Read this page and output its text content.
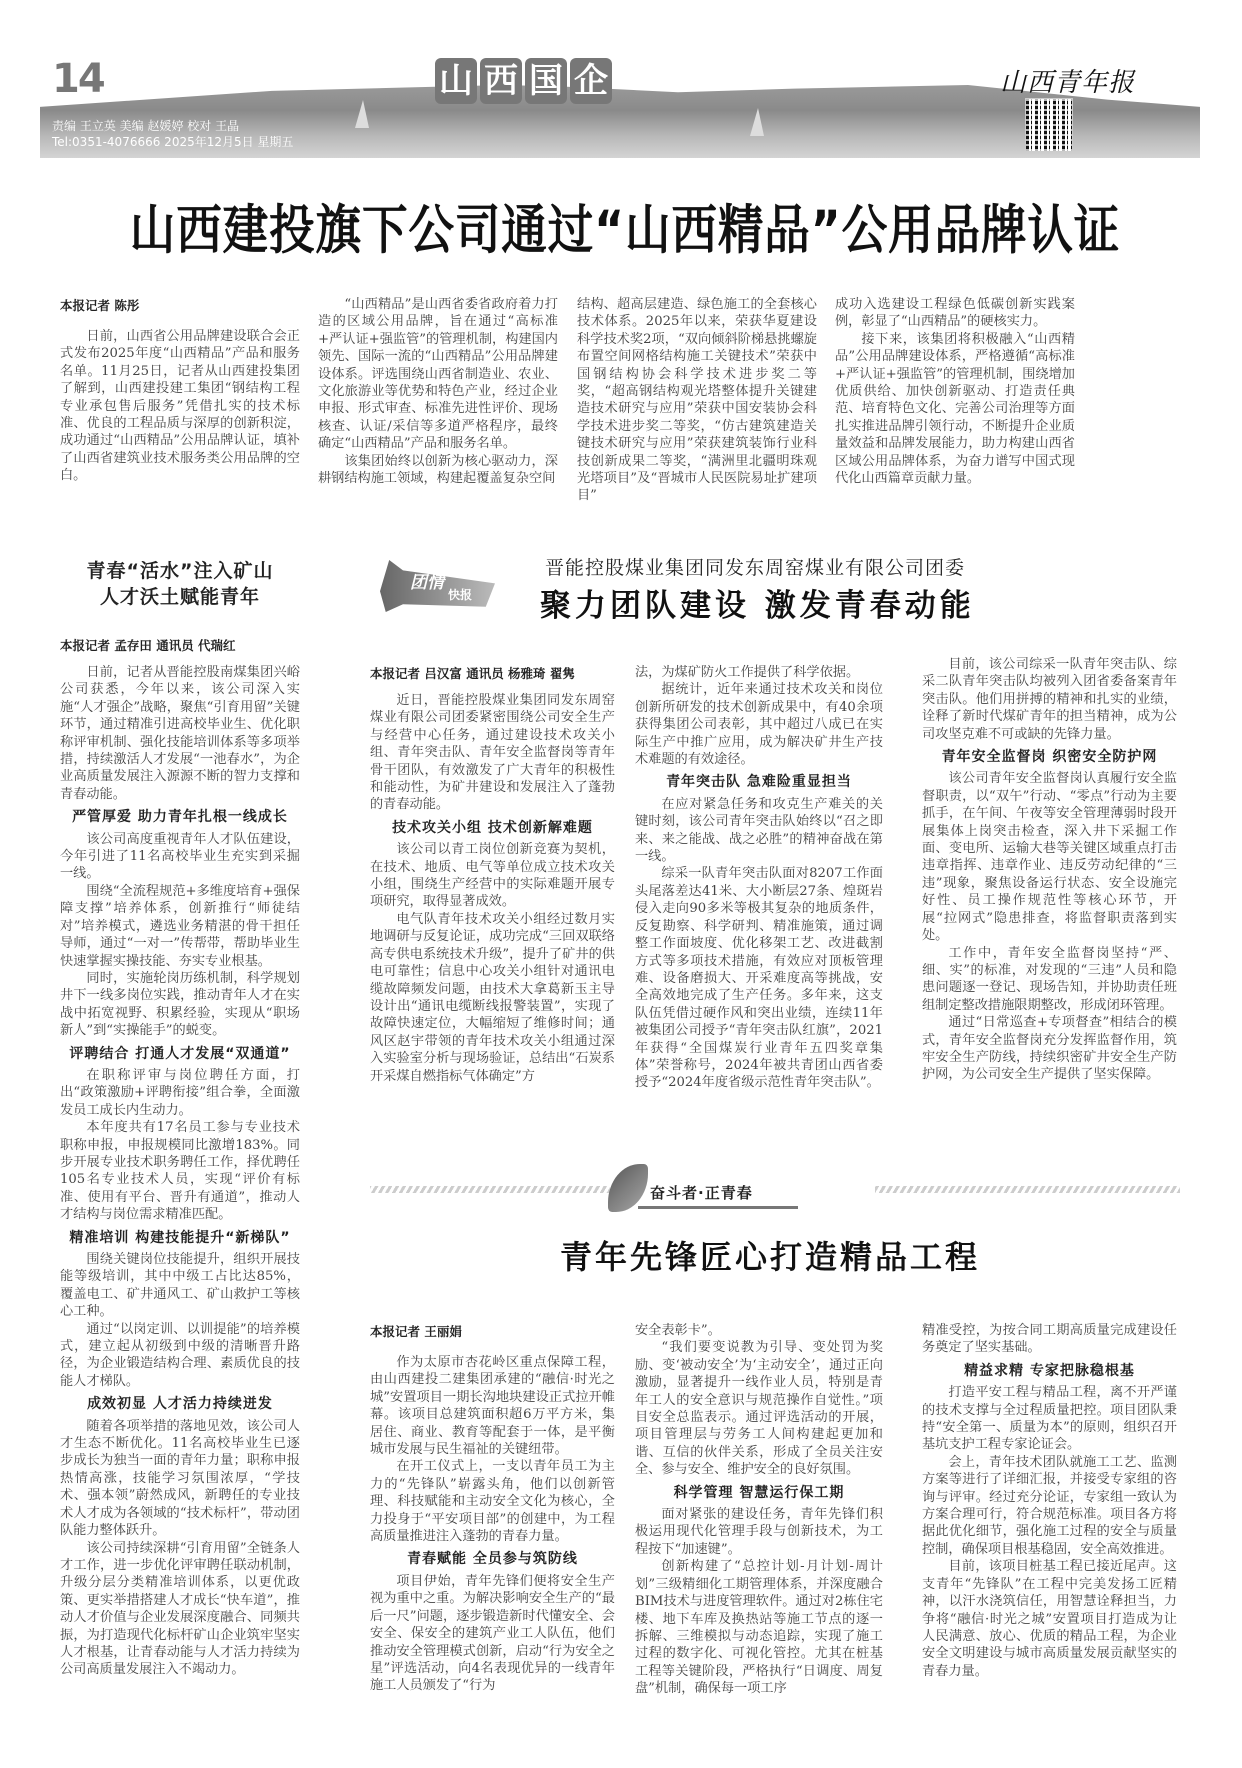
14	山 西 国 企
责编 王立英 美编 赵媛婷 校对 王晶
Tel:0351-4076666 2025年12月5日 星期五
山西青年报
山西建投旗下公司通过“山西精品”公用品牌认证
本报记者 陈彤

日前，山西省公用品牌建设联合会正式发布2025年度“山西精品”产品和服务名单。11月25日，记者从山西建投集团了解到，山西建投建工集团“钢结构工程专业承包售后服务”凭借扎实的技术标准、优良的工程品质与深厚的创新积淀，成功通过“山西精品”公用品牌认证，填补了山西省建筑业技术服务类公用品牌的空白。

“山西精品”是山西省委省政府着力打造的区域公用品牌，旨在通过“高标准+严认证+强监管”的管理机制，构建国内领先、国际一流的“山西精品”公用品牌建设体系。评选围绕山西省制造业、农业、文化旅游业等优势和特色产业，经过企业申报、形式审查、标准先进性评价、现场核查、认证/采信等多道严格程序，最终确定“山西精品”产品和服务名单。

该集团始终以创新为核心驱动力，深耕钢结构施工领域，构建起覆盖复杂空间

结构、超高层建造、绿色施工的全套核心技术体系。2025年以来，荣获华夏建设科学技术奖2项，“双向倾斜阶梯悬挑螺旋布置空间网格结构施工关键技术”荣获中国钢结构协会科学技术进步奖二等奖，“超高钢结构观光塔整体提升关键建造技术研究与应用”荣获中国安装协会科学技术进步奖二等奖，“仿古建筑建造关键技术研究与应用”荣获建筑装饰行业科技创新成果二等奖，“满洲里北疆明珠观光塔项目”及“晋城市人民医院易址扩建项目”

成功入选建设工程绿色低碳创新实践案例，彰显了“山西精品”的硬核实力。

接下来，该集团将积极融入“山西精品”公用品牌建设体系，严格遵循“高标准+严认证+强监管”的管理机制，围绕增加优质供给、加快创新驱动、打造责任典范、培育特色文化、完善公司治理等方面扎实推进品牌引领行动，不断提升企业质量效益和品牌发展能力，助力构建山西省区域公用品牌体系，为奋力谱写中国式现代化山西篇章贡献力量。

青春“活水”注入矿山
人才沃土赋能青年
本报记者 孟存田 通讯员 代瑞红

日前，记者从晋能控股南煤集团兴峪公司获悉，今年以来，该公司深入实施“人才强企”战略，聚焦“引育用留”关键环节，通过精准引进高校毕业生、优化职称评审机制、强化技能培训体系等多项举措，持续激活人才发展“一池春水”，为企业高质量发展注入源源不断的智力支撑和青春动能。

严管厚爱 助力青年扎根一线成长

该公司高度重视青年人才队伍建设，今年引进了11名高校毕业生充实到采掘一线。

围绕“全流程规范+多维度培育+强保障支撑”培养体系，创新推行“师徒结对”培养模式，遴选业务精湛的骨干担任导师，通过“一对一”传帮带，帮助毕业生快速掌握实操技能、夯实专业根基。

同时，实施轮岗历练机制，科学规划井下一线多岗位实践，推动青年人才在实战中拓宽视野、积累经验，实现从“职场新人”到“实操能手”的蜕变。

评聘结合 打通人才发展“双通道”

在职称评审与岗位聘任方面，打出“政策激励+评聘衔接”组合拳，全面激发员工成长内生动力。

本年度共有17名员工参与专业技术职称申报，申报规模同比激增183%。同步开展专业技术职务聘任工作，择优聘任105名专业技术人员，实现“评价有标准、使用有平台、晋升有通道”，推动人才结构与岗位需求精准匹配。

精准培训 构建技能提升“新梯队”

围绕关键岗位技能提升，组织开展技能等级培训，其中中级工占比达85%，覆盖电工、矿井通风工、矿山救护工等核心工种。

通过“以岗定训、以训提能”的培养模式，建立起从初级到中级的清晰晋升路径，为企业锻造结构合理、素质优良的技能人才梯队。

成效初显 人才活力持续迸发

随着各项举措的落地见效，该公司人才生态不断优化。11名高校毕业生已逐步成长为独当一面的青年力量；职称申报热情高涨，技能学习氛围浓厚，“学技术、强本领”蔚然成风，新聘任的专业技术人才成为各领域的“技术标杆”，带动团队能力整体跃升。

该公司持续深耕“引育用留”全链条人才工作，进一步优化评审聘任联动机制，升级分层分类精准培训体系，以更优政策、更实举措搭建人才成长“快车道”，推动人才价值与企业发展深度融合、同频共振，为打造现代化标杆矿山企业筑牢坚实人才根基，让青春动能与人才活力持续为公司高质量发展注入不竭动力。

团情
快报
晋能控股煤业集团同发东周窑煤业有限公司团委
聚力团队建设 激发青春动能
本报记者 吕汉富 通讯员 杨雅琦 翟隽

近日，晋能控股煤业集团同发东周窑煤业有限公司团委紧密围绕公司安全生产与经营中心任务，通过建设技术攻关小组、青年突击队、青年安全监督岗等青年骨干团队，有效激发了广大青年的积极性和能动性，为矿井建设和发展注入了蓬勃的青春动能。

技术攻关小组 技术创新解难题

该公司以青工岗位创新竞赛为契机，在技术、地质、电气等单位成立技术攻关小组，围绕生产经营中的实际难题开展专项研究，取得显著成效。

电气队青年技术攻关小组经过数月实地调研与反复论证，成功完成“三回双联络高专供电系统技术升级”，提升了矿井的供电可靠性；信息中心攻关小组针对通讯电缆故障频发问题，由技术大拿葛新玉主导设计出“通讯电缆断线报警装置”，实现了故障快速定位，大幅缩短了维修时间；通风区赵宇带领的青年技术攻关小组通过深入实验室分析与现场验证，总结出“石炭系开采煤自燃指标气体确定”方

法，为煤矿防火工作提供了科学依据。

据统计，近年来通过技术攻关和岗位创新所研发的技术创新成果中，有40余项获得集团公司表彰，其中超过八成已在实际生产中推广应用，成为解决矿井生产技术难题的有效途径。

青年突击队 急难险重显担当

在应对紧急任务和攻克生产难关的关键时刻，该公司青年突击队始终以“召之即来、来之能战、战之必胜”的精神奋战在第一线。

综采一队青年突击队面对8207工作面头尾落差达41米、大小断层27条、煌斑岩侵入走向90多米等极其复杂的地质条件，反复勘察、科学研判、精准施策，通过调整工作面坡度、优化移架工艺、改进截割方式等多项技术措施，有效应对顶板管理难、设备磨损大、开采难度高等挑战，安全高效地完成了生产任务。多年来，这支队伍凭借过硬作风和突出业绩，连续11年被集团公司授予“青年突击队红旗”，2021年获得“全国煤炭行业青年五四奖章集体”荣誉称号，2024年被共青团山西省委授予“2024年度省级示范性青年突击队”。

目前，该公司综采一队青年突击队、综采二队青年突击队均被列入团省委备案青年突击队。他们用拼搏的精神和扎实的业绩，诠释了新时代煤矿青年的担当精神，成为公司攻坚克难不可或缺的先锋力量。

青年安全监督岗 织密安全防护网

该公司青年安全监督岗认真履行安全监督职责，以“双午”行动、“零点”行动为主要抓手，在午间、午夜等安全管理薄弱时段开展集体上岗突击检查，深入井下采掘工作面、变电所、运输大巷等关键区域重点打击违章指挥、违章作业、违反劳动纪律的“三违”现象，聚焦设备运行状态、安全设施完好性、员工操作规范性等核心环节，开展“拉网式”隐患排查，将监督职责落到实处。

工作中，青年安全监督岗坚持“严、细、实”的标准，对发现的“三违”人员和隐患问题逐一登记、现场告知，并协助责任班组制定整改措施限期整改，形成闭环管理。

通过“日常巡查+专项督查”相结合的模式，青年安全监督岗充分发挥监督作用，筑牢安全生产防线，持续织密矿井安全生产防护网，为公司安全生产提供了坚实保障。

奋斗者·正青春
青年先锋匠心打造精品工程
本报记者 王丽娟

作为太原市杏花岭区重点保障工程，由山西建投二建集团承建的“融信·时光之城”安置项目一期长沟地块建设正式拉开帷幕。该项目总建筑面积超6万平方米，集居住、商业、教育等配套于一体，是平衡城市发展与民生福祉的关键纽带。

在开工仪式上，一支以青年员工为主力的“先锋队”崭露头角，他们以创新管理、科技赋能和主动安全文化为核心，全力投身于“平安项目部”的创建中，为工程高质量推进注入蓬勃的青春力量。

青春赋能 全员参与筑防线

项目伊始，青年先锋们便将安全生产视为重中之重。为解决影响安全生产的“最后一尺”问题，逐步锻造新时代懂安全、会安全、保安全的建筑产业工人队伍，他们推动安全管理模式创新，启动“行为安全之星”评选活动，向4名表现优异的一线青年施工人员颁发了“行为

安全表彰卡”。

“我们要变说教为引导、变处罚为奖励、变‘被动安全’为‘主动安全’，通过正向激励，显著提升一线作业人员，特别是青年工人的安全意识与规范操作自觉性。”项目安全总监表示。通过评选活动的开展，项目管理层与劳务工人间构建起更加和谐、互信的伙伴关系，形成了全员关注安全、参与安全、维护安全的良好氛围。

科学管理 智慧运行保工期

面对紧张的建设任务，青年先锋们积极运用现代化管理手段与创新技术，为工程按下“加速键”。

创新构建了“总控计划-月计划-周计划”三级精细化工期管理体系，并深度融合BIM技术与进度管理软件。通过对2栋住宅楼、地下车库及换热站等施工节点的逐一拆解、三维模拟与动态追踪，实现了施工过程的数字化、可视化管控。尤其在桩基工程等关键阶段，严格执行“日调度、周复盘”机制，确保每一项工序

精准受控，为按合同工期高质量完成建设任务奠定了坚实基础。

精益求精 专家把脉稳根基

打造平安工程与精品工程，离不开严谨的技术支撑与全过程质量把控。项目团队秉持“安全第一、质量为本”的原则，组织召开基坑支护工程专家论证会。

会上，青年技术团队就施工工艺、监测方案等进行了详细汇报，并接受专家组的咨询与评审。经过充分论证，专家组一致认为方案合理可行，符合规范标准。项目各方将据此优化细节，强化施工过程的安全与质量控制，确保项目根基稳固，安全高效推进。

目前，该项目桩基工程已接近尾声。这支青年“先锋队”在工程中完美发扬工匠精神，以汗水浇筑信任，用智慧诠释担当，力争将“融信·时光之城”安置项目打造成为让人民满意、放心、优质的精品工程，为企业安全文明建设与城市高质量发展贡献坚实的青春力量。
